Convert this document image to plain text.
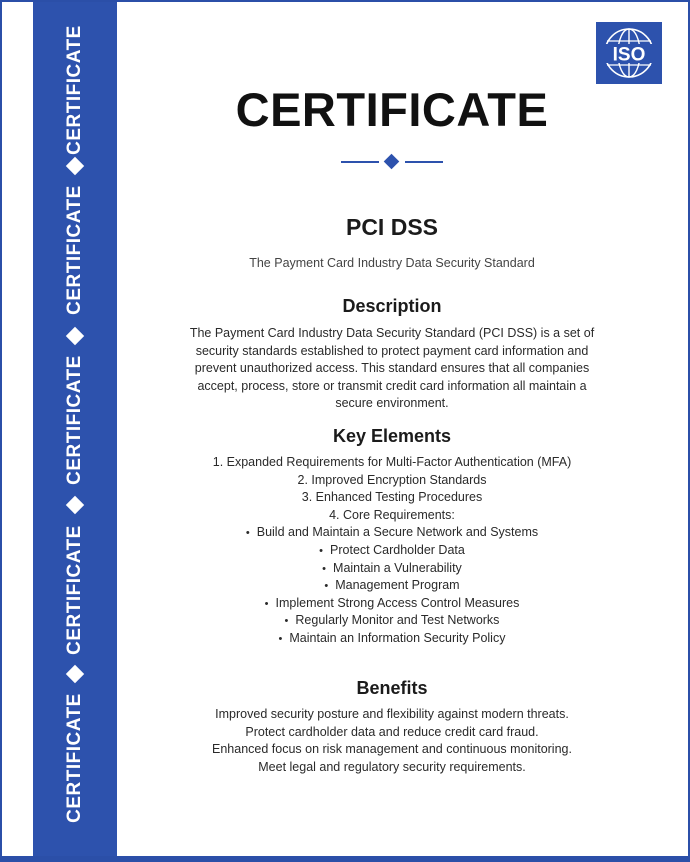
CERTIFICATE
CERTIFICATE
CERTIFICATE
CERTIFICATE
CERTIFICATE
ISO
CERTIFICATE
PCI DSS
The Payment Card Industry Data Security Standard
Description
The Payment Card Industry Data Security Standard (PCI DSS) is a set of security standards established to protect payment card information and prevent unauthorized access. This standard ensures that all companies accept, process, store or transmit credit card information all maintain a secure environment.
Key Elements
1. Expanded Requirements for Multi-Factor Authentication (MFA)
2. Improved Encryption Standards
3. Enhanced Testing Procedures
4. Core Requirements:
• Build and Maintain a Secure Network and Systems
• Protect Cardholder Data
• Maintain a Vulnerability
• Management Program
• Implement Strong Access Control Measures
• Regularly Monitor and Test Networks
• Maintain an Information Security Policy
Benefits
Improved security posture and flexibility against modern threats.
Protect cardholder data and reduce credit card fraud.
Enhanced focus on risk management and continuous monitoring.
Meet legal and regulatory security requirements.
